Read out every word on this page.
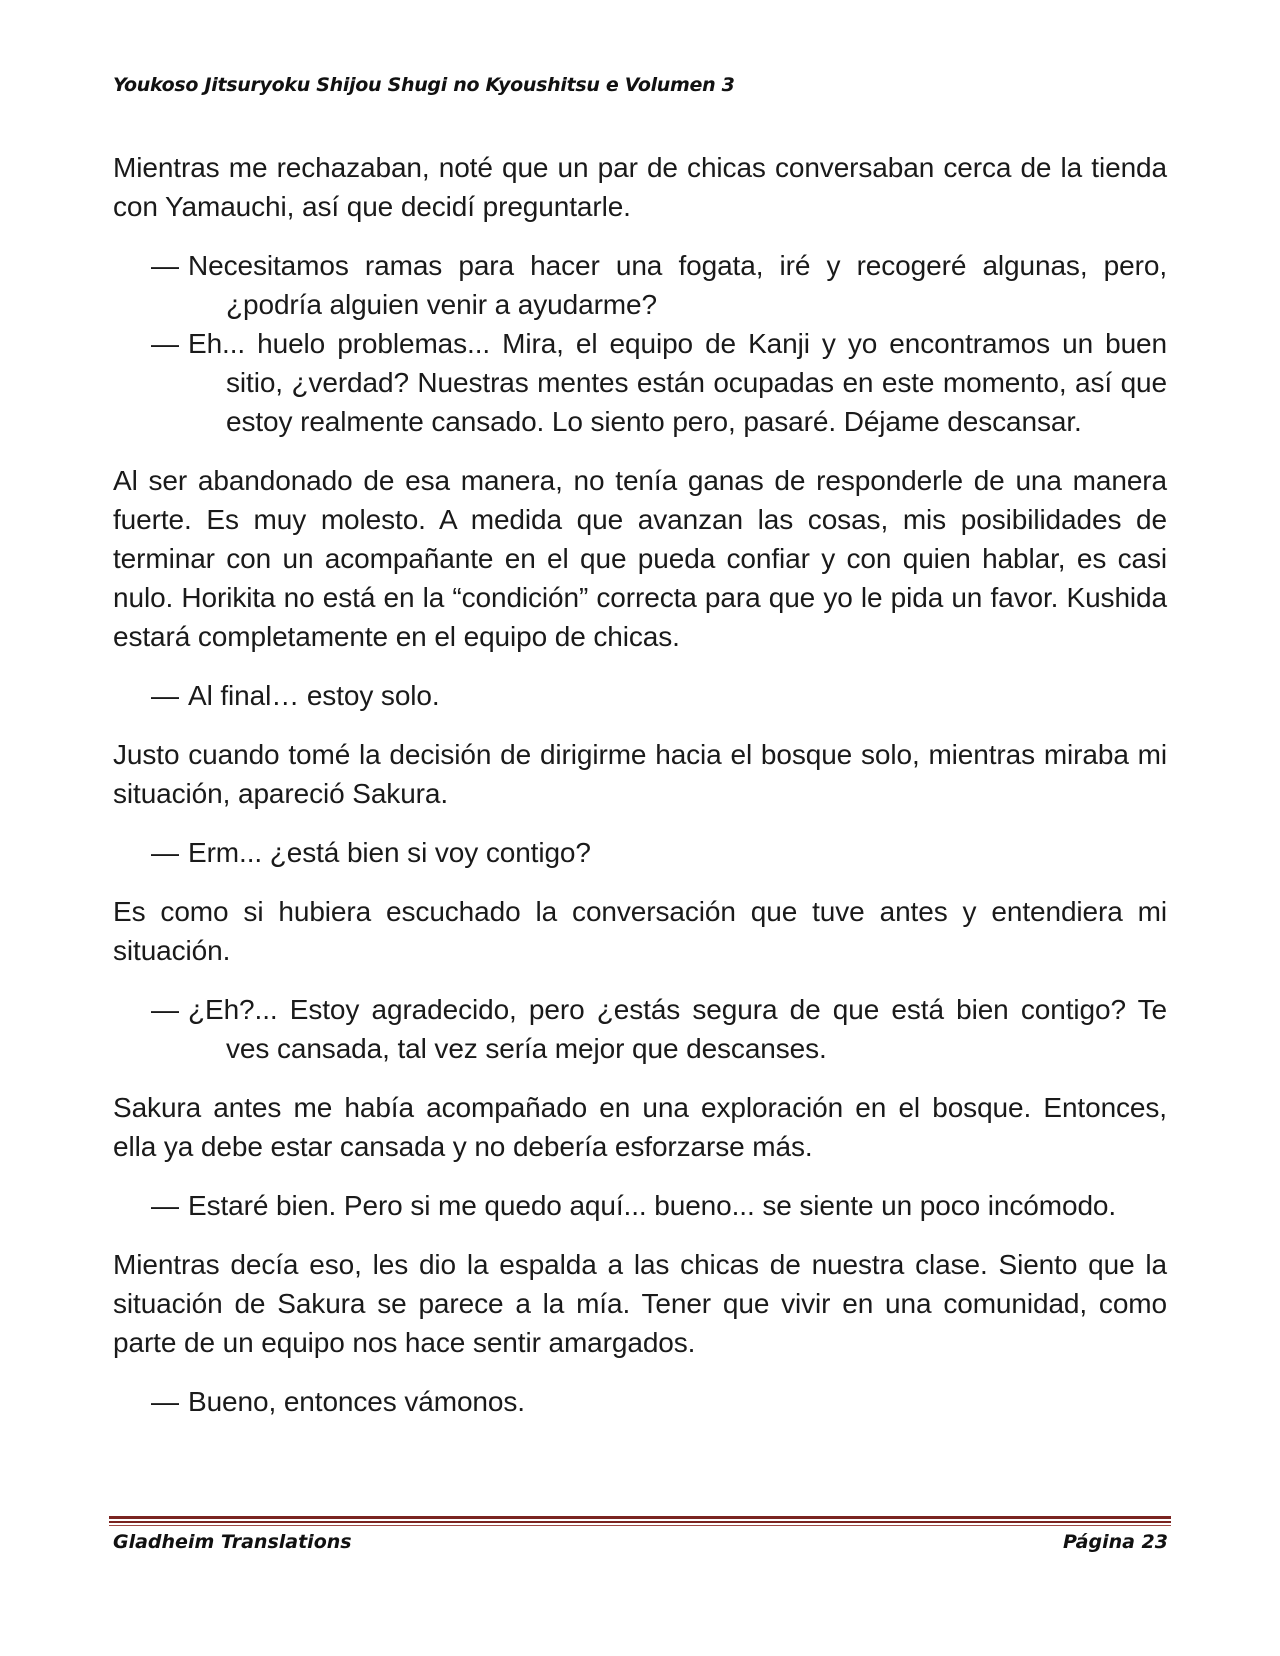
Youkoso Jitsuryoku Shijou Shugi no Kyoushitsu e Volumen 3

Mientras me rechazaban, noté que un par de chicas conversaban cerca de la tienda con Yamauchi, así que decidí preguntarle.

— Necesitamos ramas para hacer una fogata, iré y recogeré algunas, pero, ¿podría alguien venir a ayudarme?
— Eh... huelo problemas... Mira, el equipo de Kanji y yo encontramos un buen sitio, ¿verdad? Nuestras mentes están ocupadas en este momento, así que estoy realmente cansado. Lo siento pero, pasaré. Déjame descansar.

Al ser abandonado de esa manera, no tenía ganas de responderle de una manera fuerte. Es muy molesto. A medida que avanzan las cosas, mis posibilidades de terminar con un acompañante en el que pueda confiar y con quien hablar, es casi nulo. Horikita no está en la “condición” correcta para que yo le pida un favor. Kushida estará completamente en el equipo de chicas.

— Al final… estoy solo.

Justo cuando tomé la decisión de dirigirme hacia el bosque solo, mientras miraba mi situación, apareció Sakura.

— Erm... ¿está bien si voy contigo?

Es como si hubiera escuchado la conversación que tuve antes y entendiera mi situación.

— ¿Eh?... Estoy agradecido, pero ¿estás segura de que está bien contigo? Te ves cansada, tal vez sería mejor que descanses.

Sakura antes me había acompañado en una exploración en el bosque. Entonces, ella ya debe estar cansada y no debería esforzarse más.

— Estaré bien. Pero si me quedo aquí... bueno... se siente un poco incómodo.

Mientras decía eso, les dio la espalda a las chicas de nuestra clase. Siento que la situación de Sakura se parece a la mía. Tener que vivir en una comunidad, como parte de un equipo nos hace sentir amargados.

— Bueno, entonces vámonos.
Gladheim Translations	Página 23
